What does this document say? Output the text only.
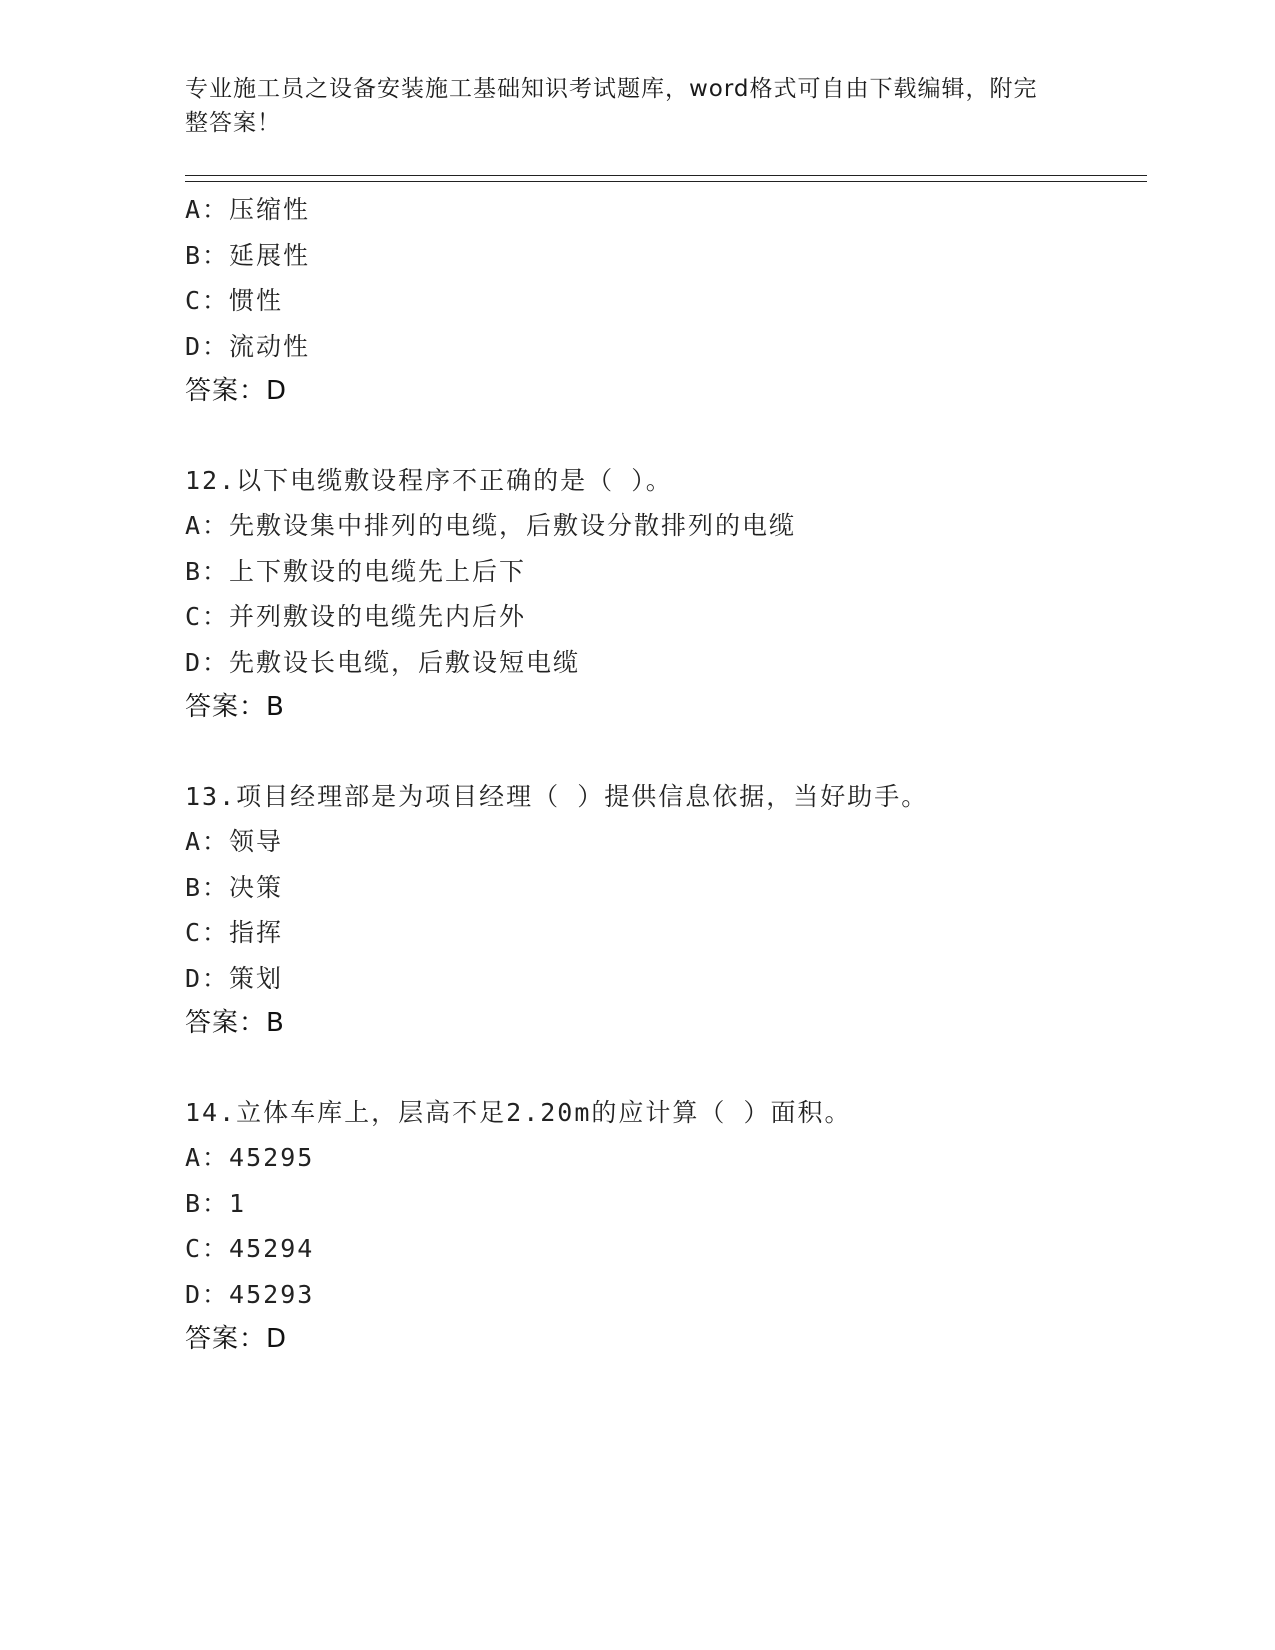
专业施工员之设备安装施工基础知识考试题库，word格式可自由下载编辑，附完
整答案！
A：压缩性
B：延展性
C：惯性
D：流动性
答案：D
12.以下电缆敷设程序不正确的是（ ）。
A：先敷设集中排列的电缆，后敷设分散排列的电缆
B：上下敷设的电缆先上后下
C：并列敷设的电缆先内后外
D：先敷设长电缆，后敷设短电缆
答案：B
13.项目经理部是为项目经理（ ）提供信息依据，当好助手。
A：领导
B：决策
C：指挥
D：策划
答案：B
14.立体车库上，层高不足2.20m的应计算（ ）面积。
A：45295
B：1
C：45294
D：45293
答案：D
